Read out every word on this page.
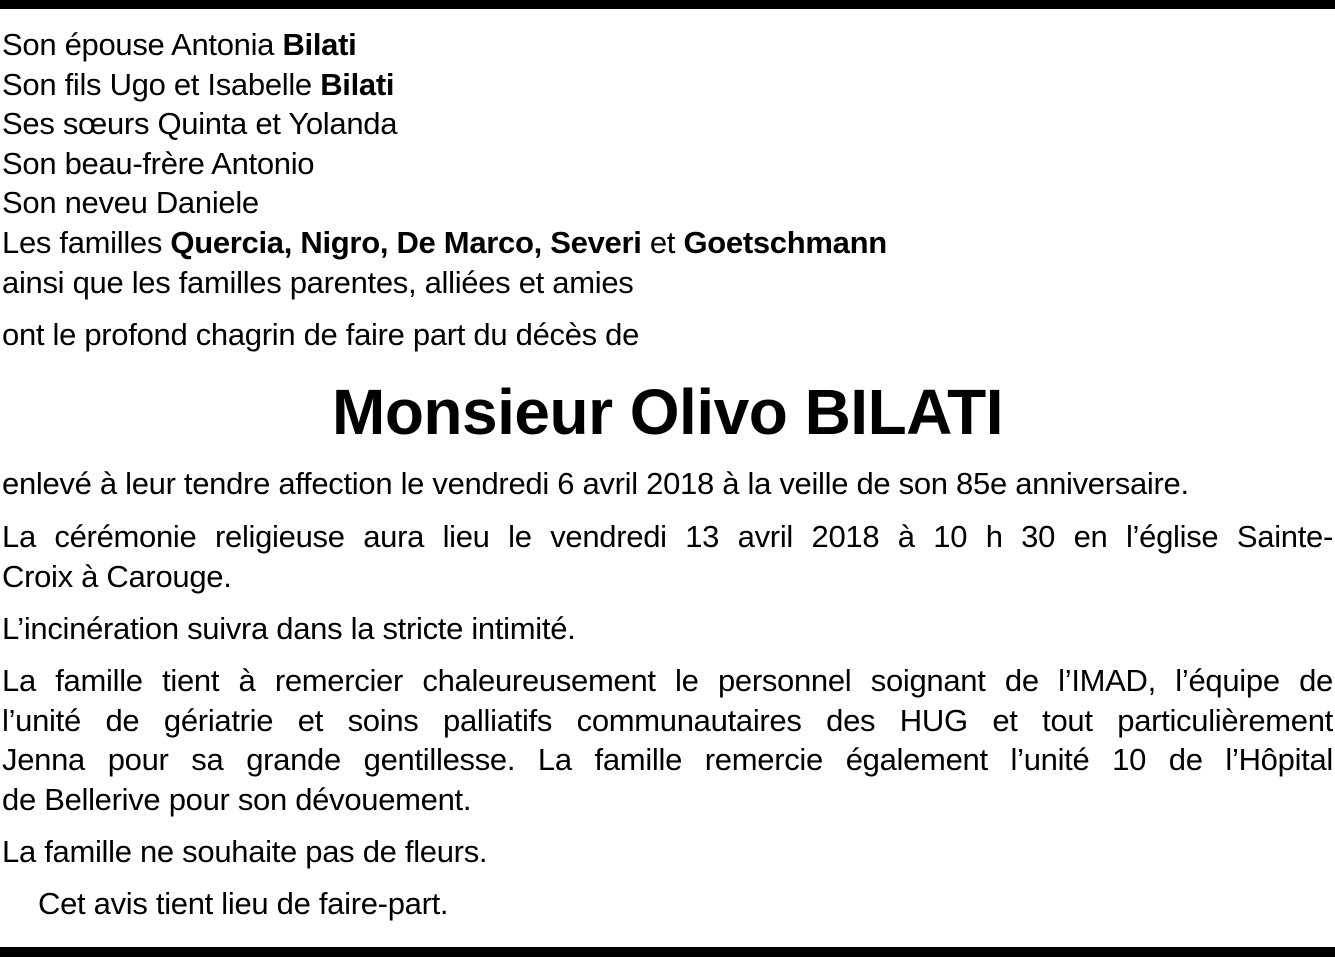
Son épouse Antonia Bilati
Son fils Ugo et Isabelle Bilati
Ses sœurs Quinta et Yolanda
Son beau-frère Antonio
Son neveu Daniele
Les familles Quercia, Nigro, De Marco, Severi et Goetschmann
ainsi que les familles parentes, alliées et amies
ont le profond chagrin de faire part du décès de
Monsieur Olivo BILATI
enlevé à leur tendre affection le vendredi 6 avril 2018 à la veille de son 85e anniversaire.
La cérémonie religieuse aura lieu le vendredi 13 avril 2018 à 10 h 30 en l’église Sainte-
Croix à Carouge.
L’incinération suivra dans la stricte intimité.
La famille tient à remercier chaleureusement le personnel soignant de l’IMAD, l’équipe de
l’unité de gériatrie et soins palliatifs communautaires des HUG et tout particulièrement
Jenna pour sa grande gentillesse. La famille remercie également l’unité 10 de l’Hôpital
de Bellerive pour son dévouement.
La famille ne souhaite pas de fleurs.
Cet avis tient lieu de faire-part.
